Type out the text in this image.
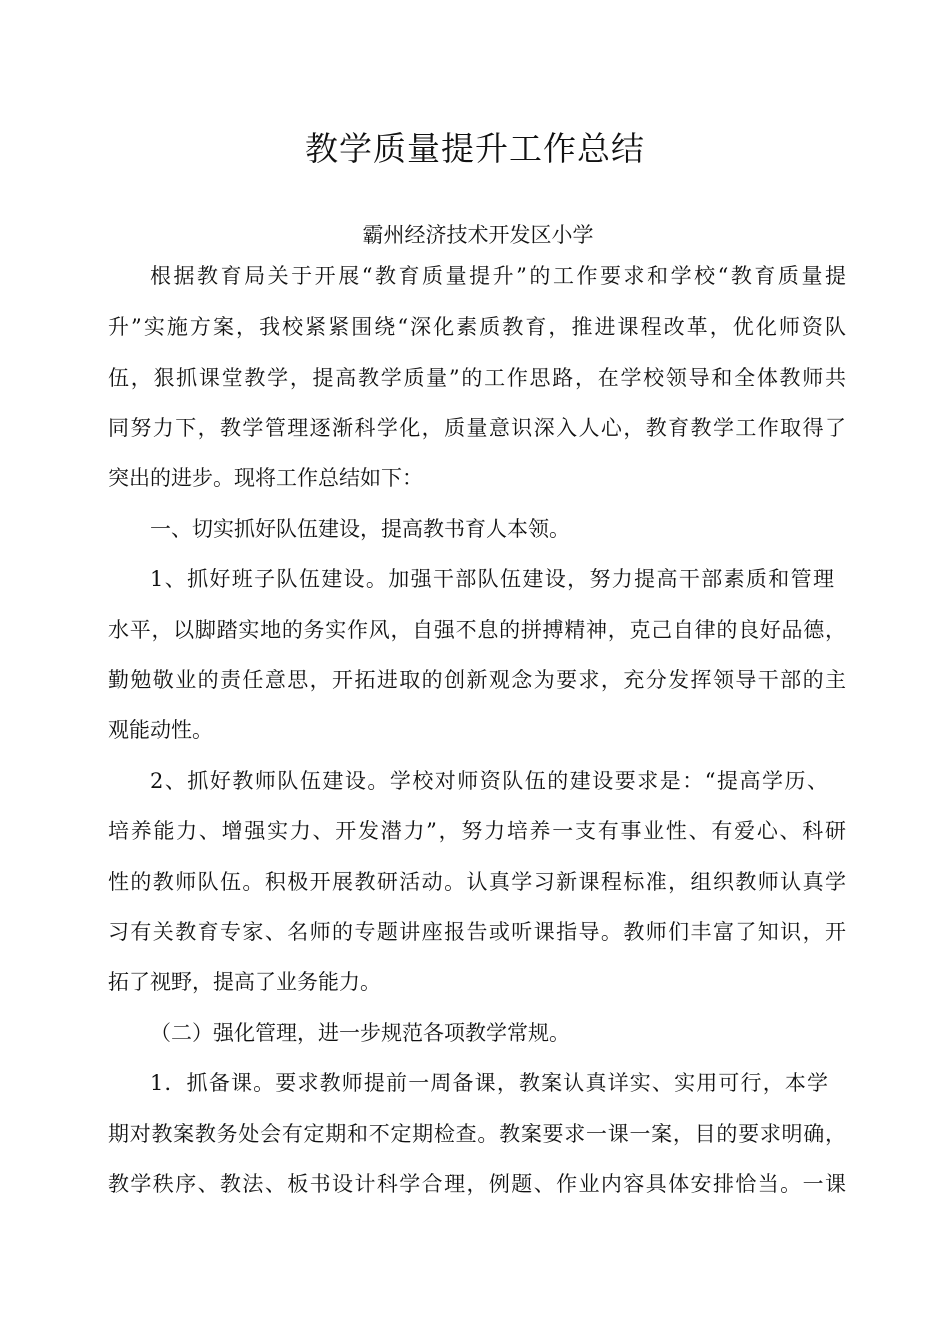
教学质量提升工作总结
霸州经济技术开发区小学
根据教育局关于开展“教育质量提升”的工作要求和学校“教育质量提
升”实施方案，我校紧紧围绕“深化素质教育，推进课程改革，优化师资队
伍，狠抓课堂教学，提高教学质量”的工作思路，在学校领导和全体教师共
同努力下，教学管理逐渐科学化，质量意识深入人心，教育教学工作取得了
突出的进步。现将工作总结如下：
一、切实抓好队伍建设，提高教书育人本领。
1、抓好班子队伍建设。加强干部队伍建设，努力提高干部素质和管理
水平，以脚踏实地的务实作风，自强不息的拼搏精神，克己自律的良好品德，
勤勉敬业的责任意思，开拓进取的创新观念为要求，充分发挥领导干部的主
观能动性。
2、抓好教师队伍建设。学校对师资队伍的建设要求是：“提高学历、
培养能力、增强实力、开发潜力”，努力培养一支有事业性、有爱心、科研
性的教师队伍。积极开展教研活动。认真学习新课程标准，组织教师认真学
习有关教育专家、名师的专题讲座报告或听课指导。教师们丰富了知识，开
拓了视野，提高了业务能力。
（二）强化管理，进一步规范各项教学常规。
1．抓备课。要求教师提前一周备课，教案认真详实、实用可行，本学
期对教案教务处会有定期和不定期检查。教案要求一课一案，目的要求明确，
教学秩序、教法、板书设计科学合理，例题、作业内容具体安排恰当。一课
